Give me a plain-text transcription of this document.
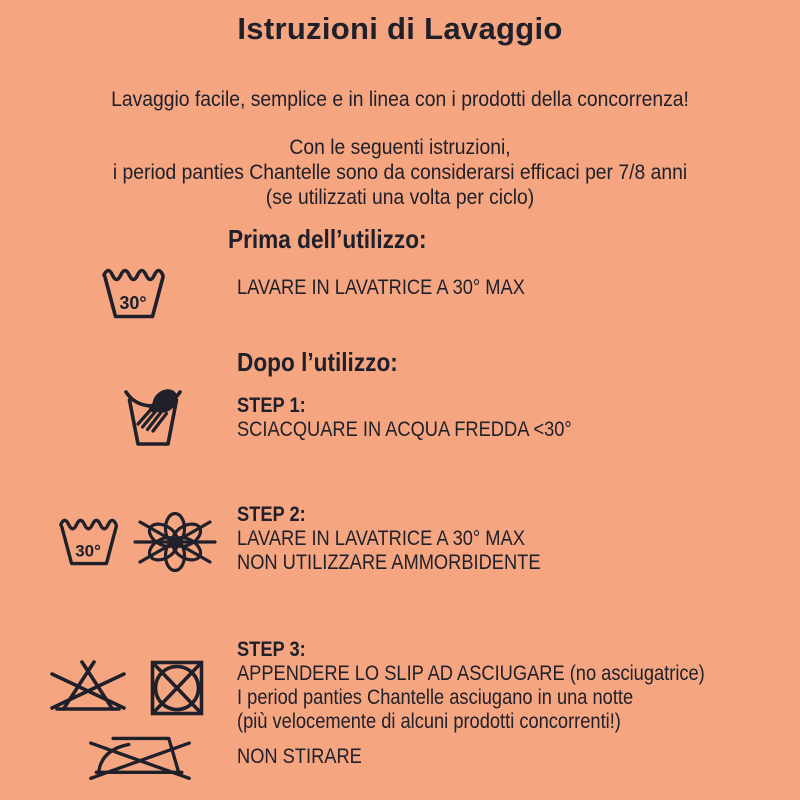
Istruzioni di Lavaggio
Lavaggio facile, semplice e in linea con i prodotti della concorrenza!
Con le seguenti istruzioni,
i period panties Chantelle sono da considerarsi efficaci per 7/8 anni
(se utilizzati una volta per ciclo)
Prima dell’utilizzo:
30°
LAVARE IN LAVATRICE A 30° MAX
Dopo l’utilizzo:
STEP 1:
SCIACQUARE IN ACQUA FREDDA <30°
30°
STEP 2:
LAVARE IN LAVATRICE A 30° MAX
NON UTILIZZARE AMMORBIDENTE
STEP 3:
APPENDERE LO SLIP AD ASCIUGARE (no asciugatrice)
I period panties Chantelle asciugano in una notte
(più velocemente di alcuni prodotti concorrenti!)
NON STIRARE
